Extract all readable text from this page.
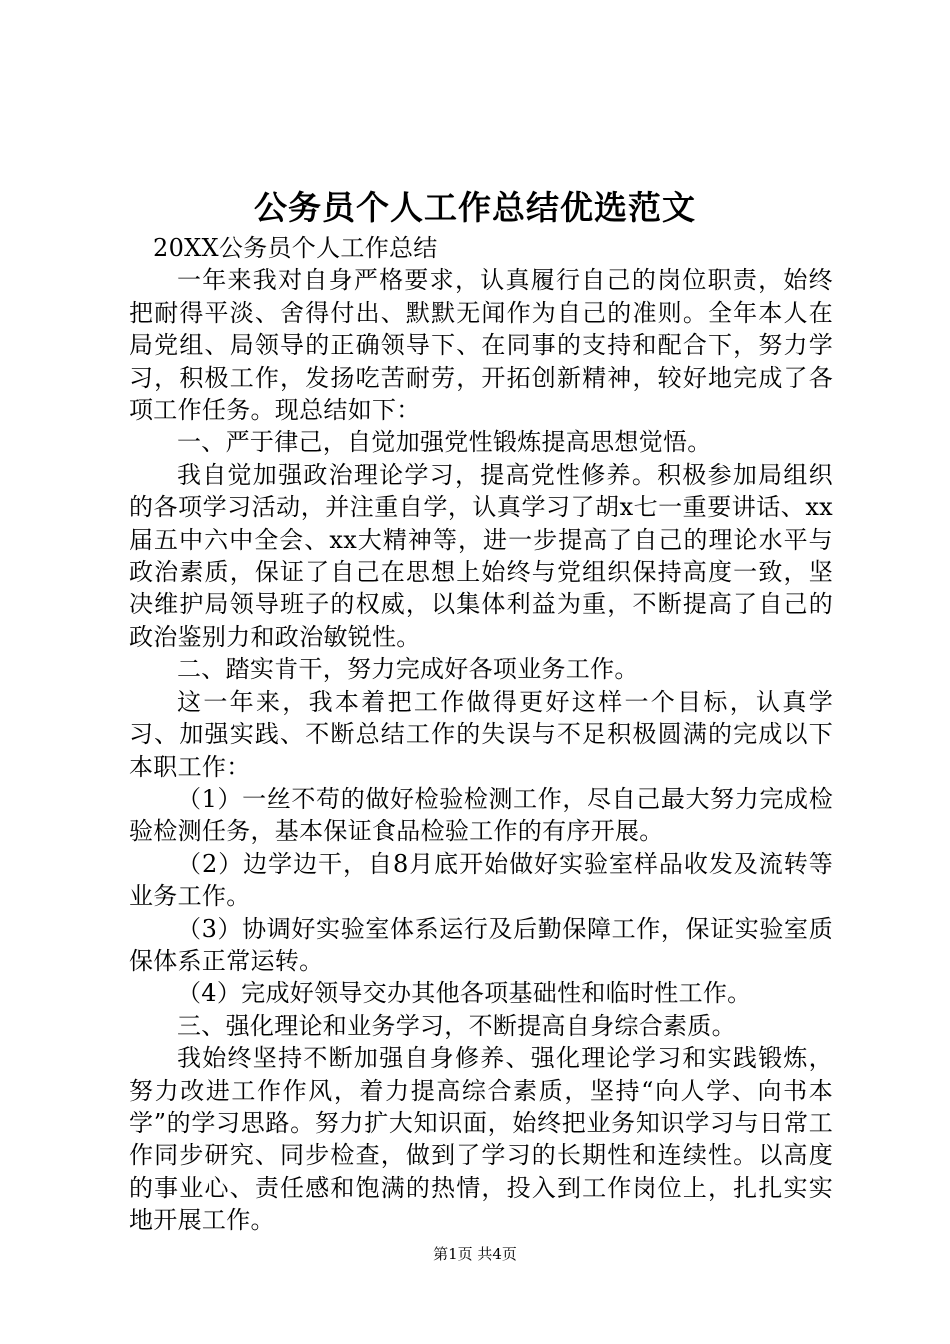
公务员个人工作总结优选范文

20XX公务员个人工作总结

一年来我对自身严格要求，认真履行自己的岗位职责，始终把耐得平淡、舍得付出、默默无闻作为自己的准则。全年本人在局党组、局领导的正确领导下、在同事的支持和配合下，努力学习，积极工作，发扬吃苦耐劳，开拓创新精神，较好地完成了各项工作任务。现总结如下：

一、严于律己，自觉加强党性锻炼提高思想觉悟。

我自觉加强政治理论学习，提高党性修养。积极参加局组织的各项学习活动，并注重自学，认真学习了胡x七一重要讲话、xx届五中六中全会、xx大精神等，进一步提高了自己的理论水平与政治素质，保证了自己在思想上始终与党组织保持高度一致，坚决维护局领导班子的权威，以集体利益为重，不断提高了自己的政治鉴别力和政治敏锐性。

二、踏实肯干，努力完成好各项业务工作。

这一年来，我本着把工作做得更好这样一个目标，认真学习、加强实践、不断总结工作的失误与不足积极圆满的完成以下本职工作：

（1）一丝不苟的做好检验检测工作，尽自己最大努力完成检验检测任务，基本保证食品检验工作的有序开展。

（2）边学边干，自8月底开始做好实验室样品收发及流转等业务工作。

（3）协调好实验室体系运行及后勤保障工作，保证实验室质保体系正常运转。

（4）完成好领导交办其他各项基础性和临时性工作。

三、强化理论和业务学习，不断提高自身综合素质。

我始终坚持不断加强自身修养、强化理论学习和实践锻炼，努力改进工作作风，着力提高综合素质，坚持“向人学、向书本学”的学习思路。努力扩大知识面，始终把业务知识学习与日常工作同步研究、同步检查，做到了学习的长期性和连续性。以高度的事业心、责任感和饱满的热情，投入到工作岗位上，扎扎实实地开展工作。

第1页 共4页
